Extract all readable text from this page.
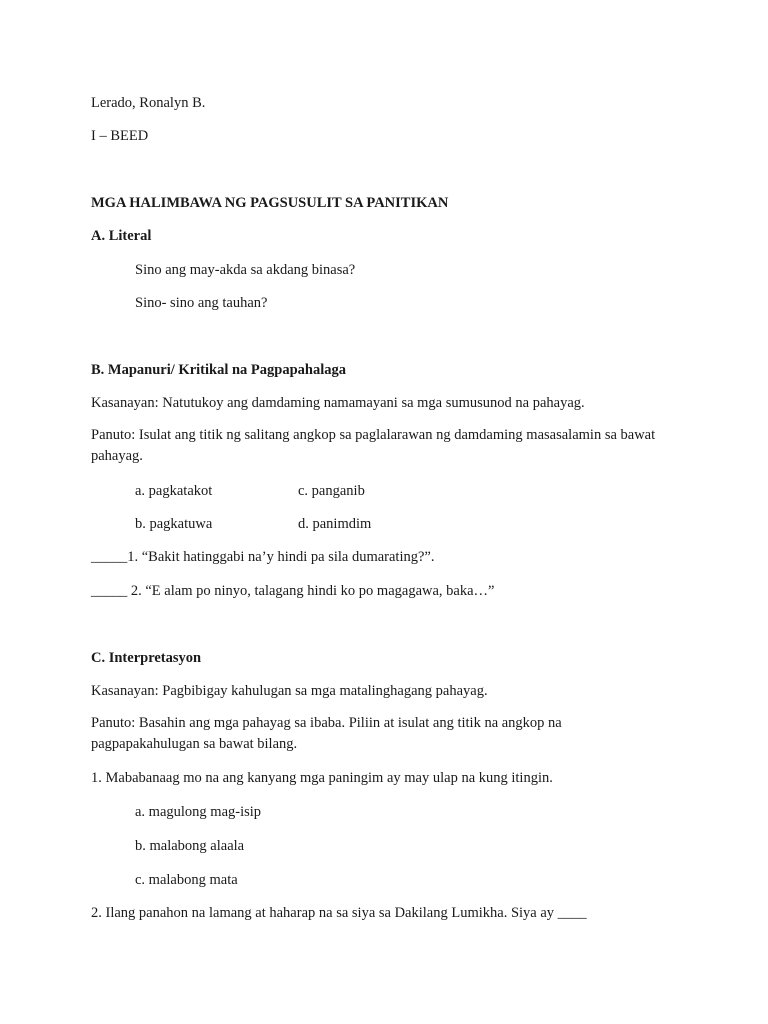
Lerado, Ronalyn B.
I – BEED
MGA HALIMBAWA NG PAGSUSULIT SA PANITIKAN
A. Literal
Sino ang may-akda sa akdang binasa?
Sino- sino ang tauhan?
B. Mapanuri/ Kritikal na Pagpapahalaga
Kasanayan: Natutukoy ang damdaming namamayani sa mga sumusunod na pahayag.
Panuto: Isulat ang titik ng salitang angkop sa paglalarawan ng damdaming masasalamin sa bawat pahayag.
a. pagkatakot	c. panganib
b. pagkatuwa	d. panimdim
_____1. “Bakit hatinggabi na’y hindi pa sila dumarating?”.
_____ 2. “E alam po ninyo, talagang hindi ko po magagawa, baka…”
C. Interpretasyon
Kasanayan: Pagbibigay kahulugan sa mga matalinghagang pahayag.
Panuto: Basahin ang mga pahayag sa ibaba. Piliin at isulat ang titik na angkop na pagpapakahulugan sa bawat bilang.
1. Mababanaag mo na ang kanyang mga paningim ay may ulap na kung itingin.
a. magulong mag-isip
b. malabong alaala
c. malabong mata
2. Ilang panahon na lamang at haharap na sa siya sa Dakilang Lumikha. Siya ay ____
